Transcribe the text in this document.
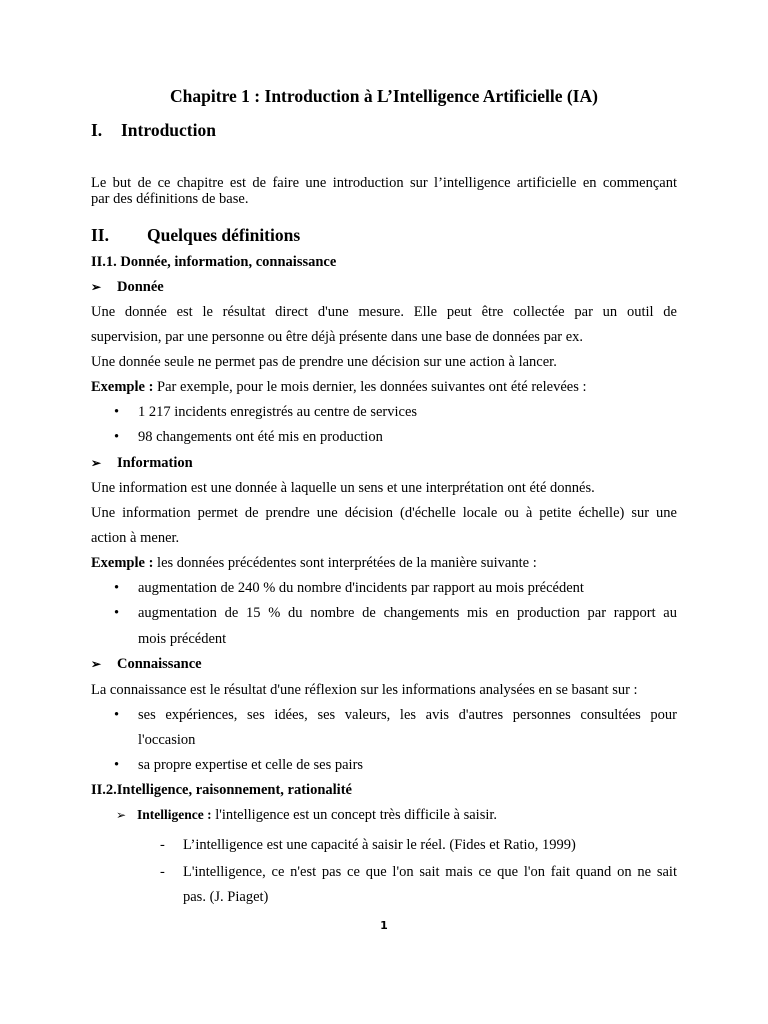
Chapitre 1 : Introduction à L’Intelligence Artificielle (IA)
I. Introduction
Le but de ce chapitre est de faire une introduction sur l’intelligence artificielle en commençant
par des définitions de base.
II. Quelques définitions
II.1. Donnée, information, connaissance
➢ Donnée
Une donnée est le résultat direct d'une mesure. Elle peut être collectée par un outil de
supervision, par une personne ou être déjà présente dans une base de données par ex.
Une donnée seule ne permet pas de prendre une décision sur une action à lancer.
Exemple : Par exemple, pour le mois dernier, les données suivantes ont été relevées :
• 1 217 incidents enregistrés au centre de services
• 98 changements ont été mis en production
➢ Information
Une information est une donnée à laquelle un sens et une interprétation ont été donnés.
Une information permet de prendre une décision (d'échelle locale ou à petite échelle) sur une
action à mener.
Exemple : les données précédentes sont interprétées de la manière suivante :
• augmentation de 240 % du nombre d'incidents par rapport au mois précédent
• augmentation de 15 % du nombre de changements mis en production par rapport au
mois précédent
➢ Connaissance
La connaissance est le résultat d'une réflexion sur les informations analysées en se basant sur :
• ses expériences, ses idées, ses valeurs, les avis d'autres personnes consultées pour
l'occasion
• sa propre expertise et celle de ses pairs
II.2.Intelligence, raisonnement, rationalité
➢ Intelligence : l'intelligence est un concept très difficile à saisir.
- L’intelligence est une capacité à saisir le réel. (Fides et Ratio, 1999)
- L'intelligence, ce n'est pas ce que l'on sait mais ce que l'on fait quand on ne sait
pas. (J. Piaget)
1
